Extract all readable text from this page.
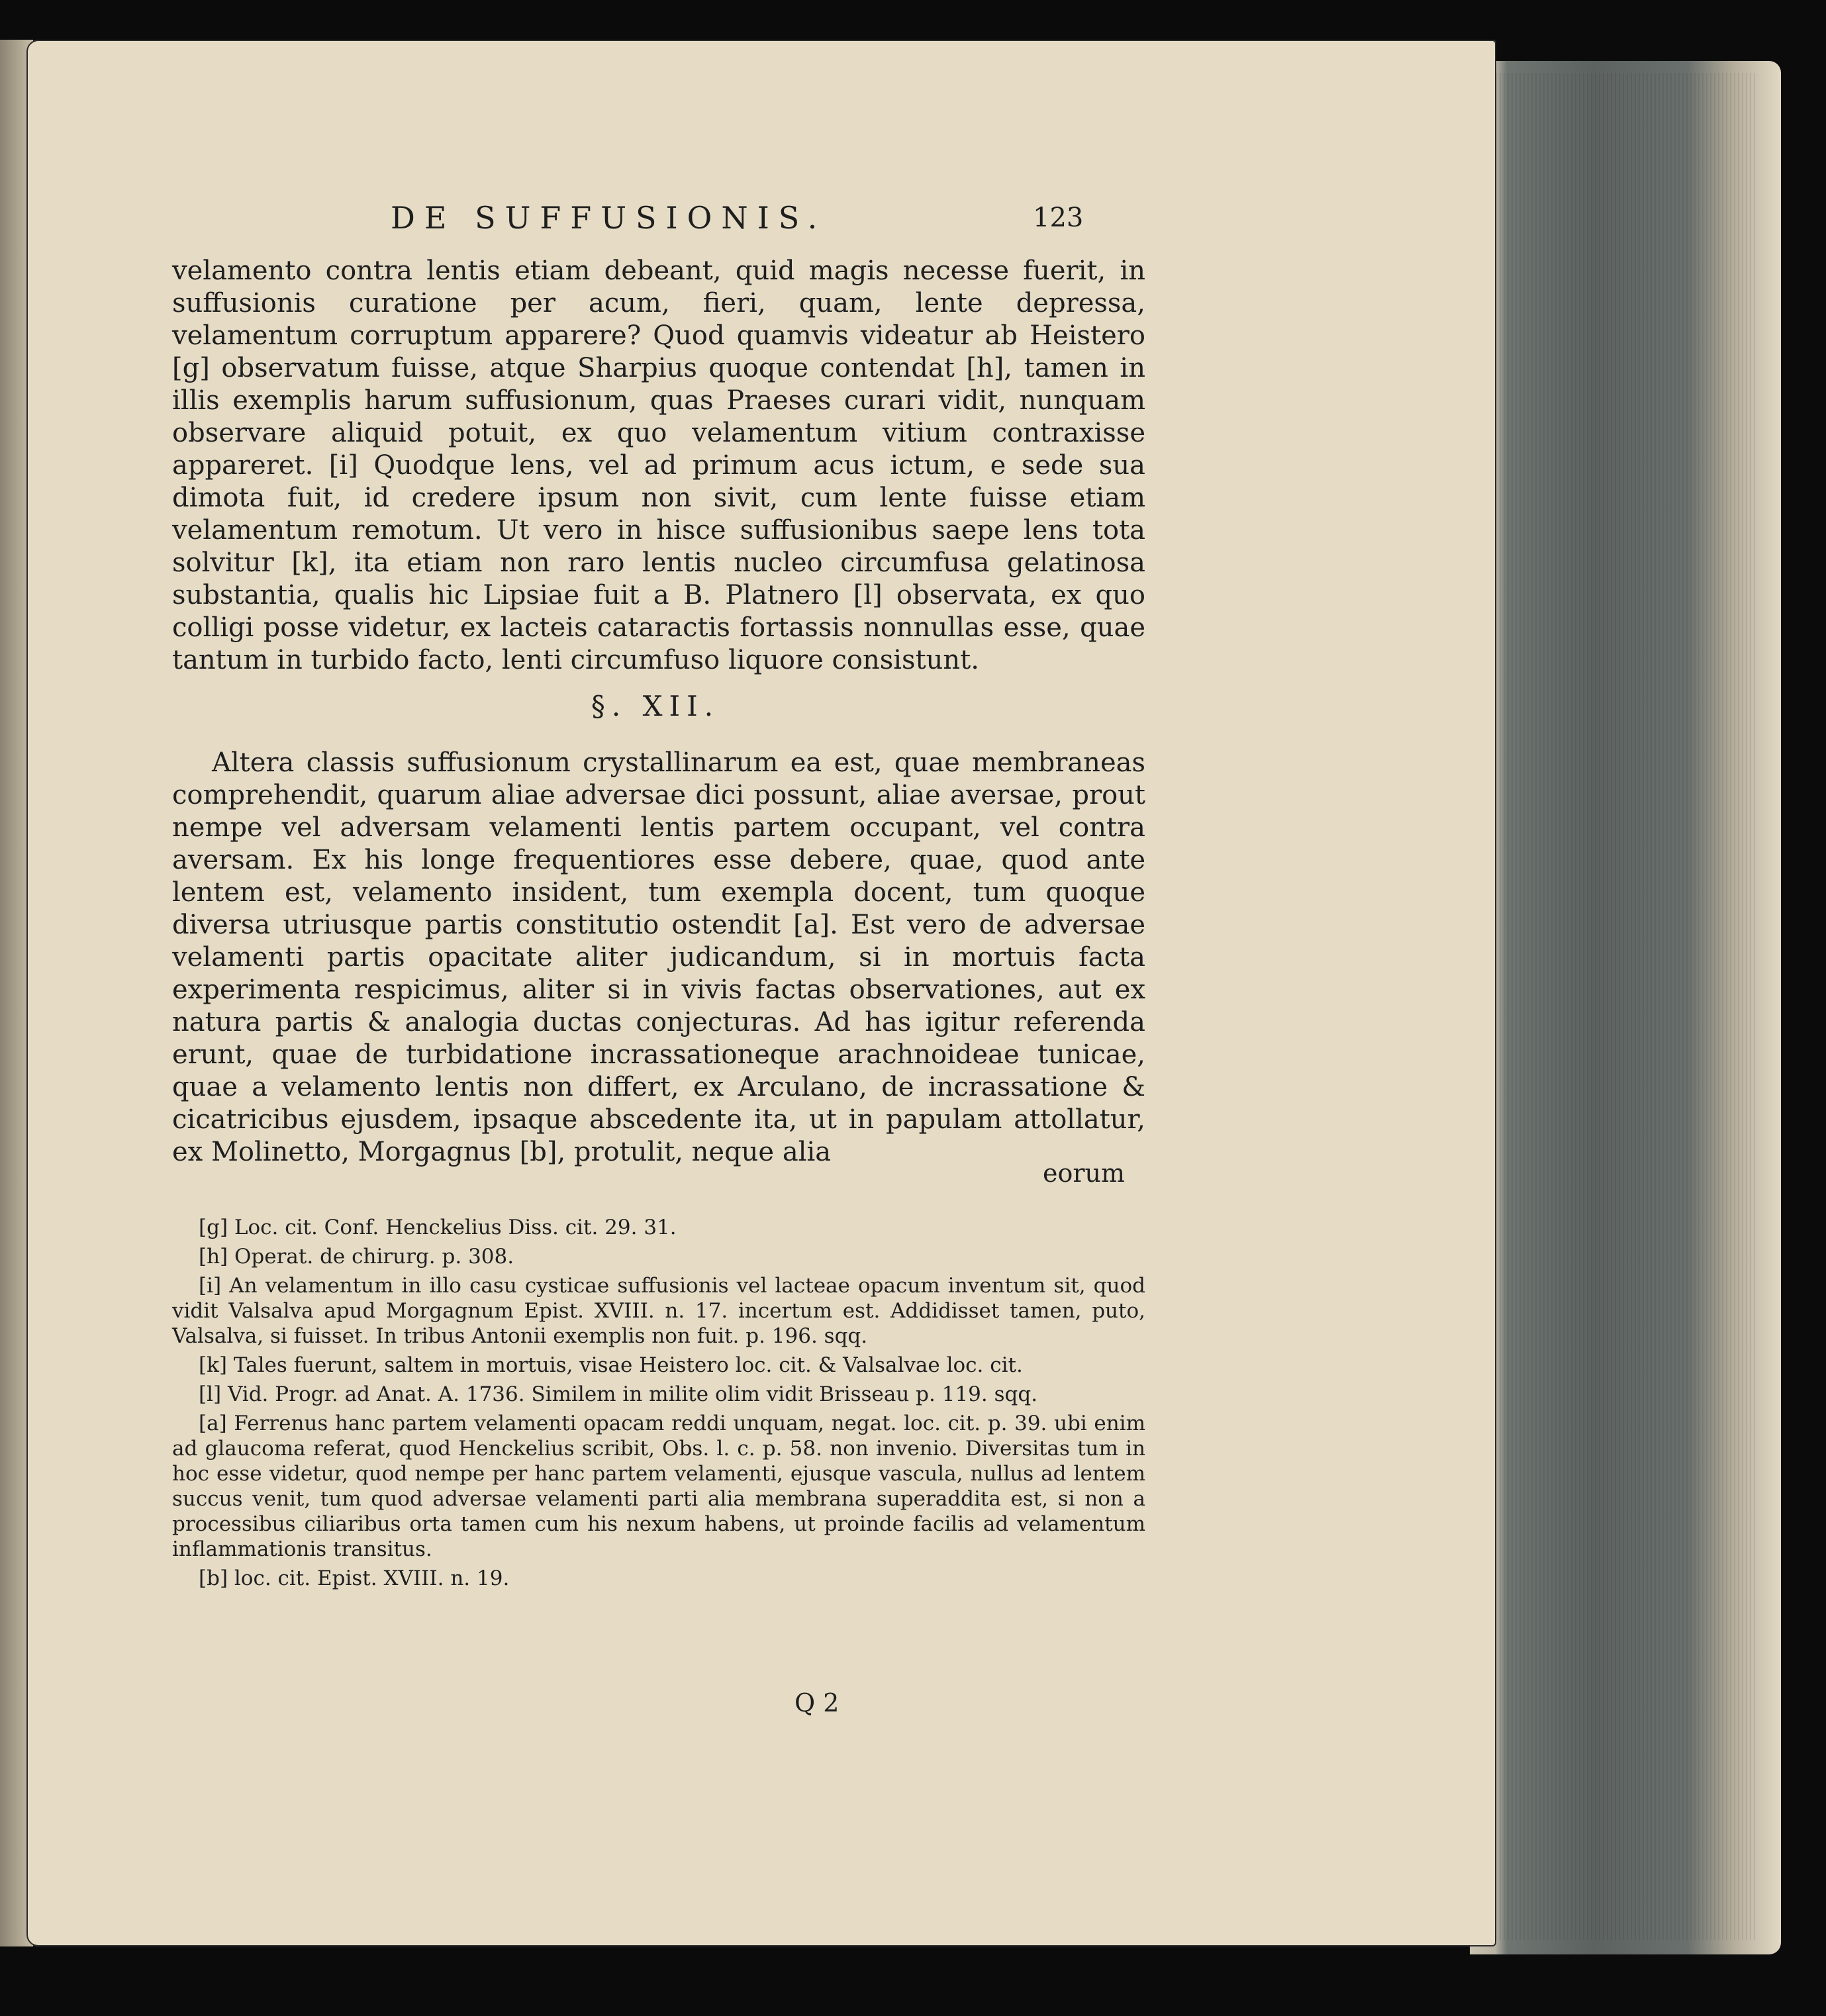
DE SUFFUSIONIS.	123

velamento contra lentis etiam debeant, quid magis necesse fuerit, in suffusionis curatione per acum, fieri, quam, lente depressa, velamentum corruptum apparere? Quod quamvis videatur ab Heistero [g] observatum fuisse, atque Sharpius quoque contendat [h], tamen in illis exemplis harum suffusionum, quas Praeses curari vidit, nunquam observare aliquid potuit, ex quo velamentum vitium contraxisse appareret. [i] Quodque lens, vel ad primum acus ictum, e sede sua dimota fuit, id credere ipsum non sivit, cum lente fuisse etiam velamentum remotum. Ut vero in hisce suffusionibus saepe lens tota solvitur [k], ita etiam non raro lentis nucleo circumfusa gelatinosa substantia, qualis hic Lipsiae fuit a B. Platnero [l] observata, ex quo colligi posse videtur, ex lacteis cataractis fortassis nonnullas esse, quae tantum in turbido facto, lenti circumfuso liquore consistunt.

§. XII.

Altera classis suffusionum crystallinarum ea est, quae membraneas comprehendit, quarum aliae adversae dici possunt, aliae aversae, prout nempe vel adversam velamenti lentis partem occupant, vel contra aversam. Ex his longe frequentiores esse debere, quae, quod ante lentem est, velamento insident, tum exempla docent, tum quoque diversa utriusque partis constitutio ostendit [a]. Est vero de adversae velamenti partis opacitate aliter judicandum, si in mortuis facta experimenta respicimus, aliter si in vivis factas observationes, aut ex natura partis & analogia ductas conjecturas. Ad has igitur referenda erunt, quae de turbidatione incrassationeque arachnoideae tunicae, quae a velamento lentis non differt, ex Arculano, de incrassatione & cicatricibus ejusdem, ipsaque abscedente ita, ut in papulam attollatur, ex Molinetto, Morgagnus [b], protulit, neque alia

eorum

[g] Loc. cit. Conf. Henckelius Diss. cit. 29. 31.

[h] Operat. de chirurg. p. 308.

[i] An velamentum in illo casu cysticae suffusionis vel lacteae opacum inventum sit, quod vidit Valsalva apud Morgagnum Epist. XVIII. n. 17. incertum est. Addidisset tamen, puto, Valsalva, si fuisset. In tribus Antonii exemplis non fuit. p. 196. sqq.

[k] Tales fuerunt, saltem in mortuis, visae Heistero loc. cit. & Valsalvae loc. cit.

[l] Vid. Progr. ad Anat. A. 1736. Similem in milite olim vidit Brisseau p. 119. sqq.

[a] Ferrenus hanc partem velamenti opacam reddi unquam, negat. loc. cit. p. 39. ubi enim ad glaucoma referat, quod Henckelius scribit, Obs. l. c. p. 58. non invenio. Diversitas tum in hoc esse videtur, quod nempe per hanc partem velamenti, ejusque vascula, nullus ad lentem succus venit, tum quod adversae velamenti parti alia membrana superaddita est, si non a processibus ciliaribus orta tamen cum his nexum habens, ut proinde facilis ad velamentum inflammationis transitus.

[b] loc. cit. Epist. XVIII. n. 19.

Q 2
